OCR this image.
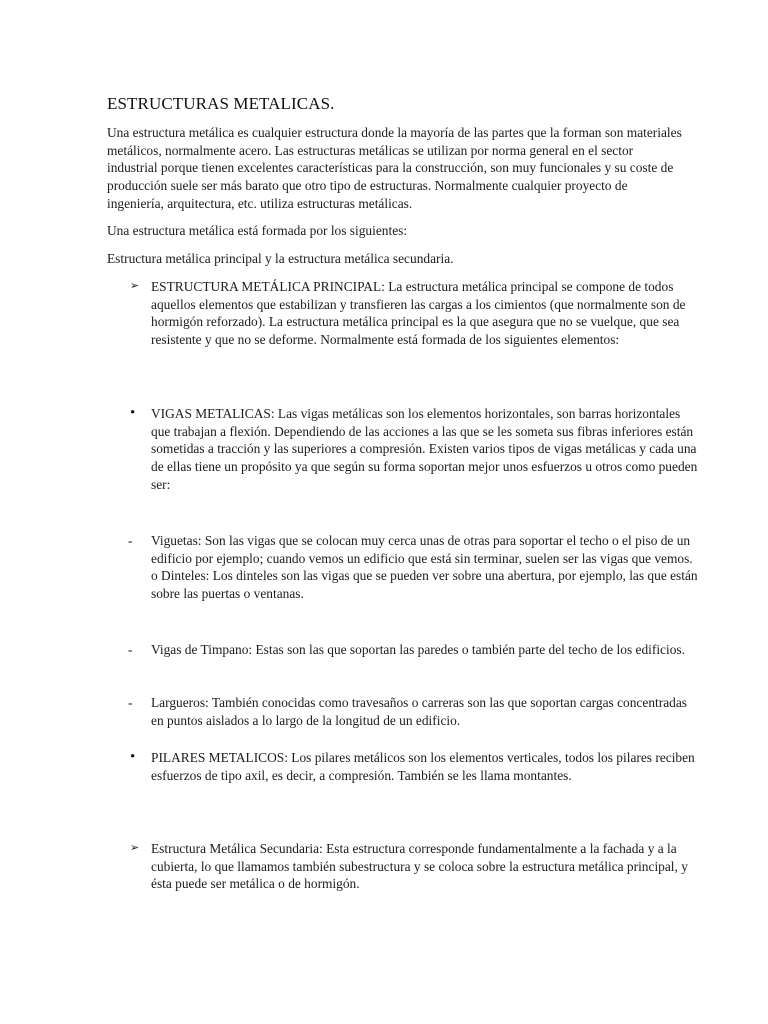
ESTRUCTURAS METALICAS.

Una estructura metálica es cualquier estructura donde la mayoría de las partes que la forman son materiales metálicos, normalmente acero. Las estructuras metálicas se utilizan por norma general en el sector industrial porque tienen excelentes características para la construcción, son muy funcionales y su coste de producción suele ser más barato que otro tipo de estructuras. Normalmente cualquier proyecto de ingeniería, arquitectura, etc. utiliza estructuras metálicas.

Una estructura metálica está formada por los siguientes:

Estructura metálica principal y la estructura metálica secundaria.

➢ ESTRUCTURA METÁLICA PRINCIPAL: La estructura metálica principal se compone de todos aquellos elementos que estabilizan y transfieren las cargas a los cimientos (que normalmente son de hormigón reforzado). La estructura metálica principal es la que asegura que no se vuelque, que sea resistente y que no se deforme. Normalmente está formada de los siguientes elementos:

•	VIGAS METALICAS: Las vigas metálicas son los elementos horizontales, son barras horizontales que trabajan a flexión. Dependiendo de las acciones a las que se les someta sus fibras inferiores están sometidas a tracción y las superiores a compresión. Existen varios tipos de vigas metálicas y cada una de ellas tiene un propósito ya que según su forma soportan mejor unos esfuerzos u otros como pueden ser:

-	Viguetas: Son las vigas que se colocan muy cerca unas de otras para soportar el techo o el piso de un edificio por ejemplo; cuando vemos un edificio que está sin terminar, suelen ser las vigas que vemos. o Dinteles: Los dinteles son las vigas que se pueden ver sobre una abertura, por ejemplo, las que están sobre las puertas o ventanas.

-	Vigas de Timpano: Estas son las que soportan las paredes o también parte del techo de los edificios.

-	Largueros: También conocidas como travesaños o carreras son las que soportan cargas concentradas en puntos aislados a lo largo de la longitud de un edificio.

•	PILARES METALICOS: Los pilares metálicos son los elementos verticales, todos los pilares reciben esfuerzos de tipo axil, es decir, a compresión. También se les llama montantes.

➢ Estructura Metálica Secundaria: Esta estructura corresponde fundamentalmente a la fachada y a la cubierta, lo que llamamos también subestructura y se coloca sobre la estructura metálica principal, y ésta puede ser metálica o de hormigón.
